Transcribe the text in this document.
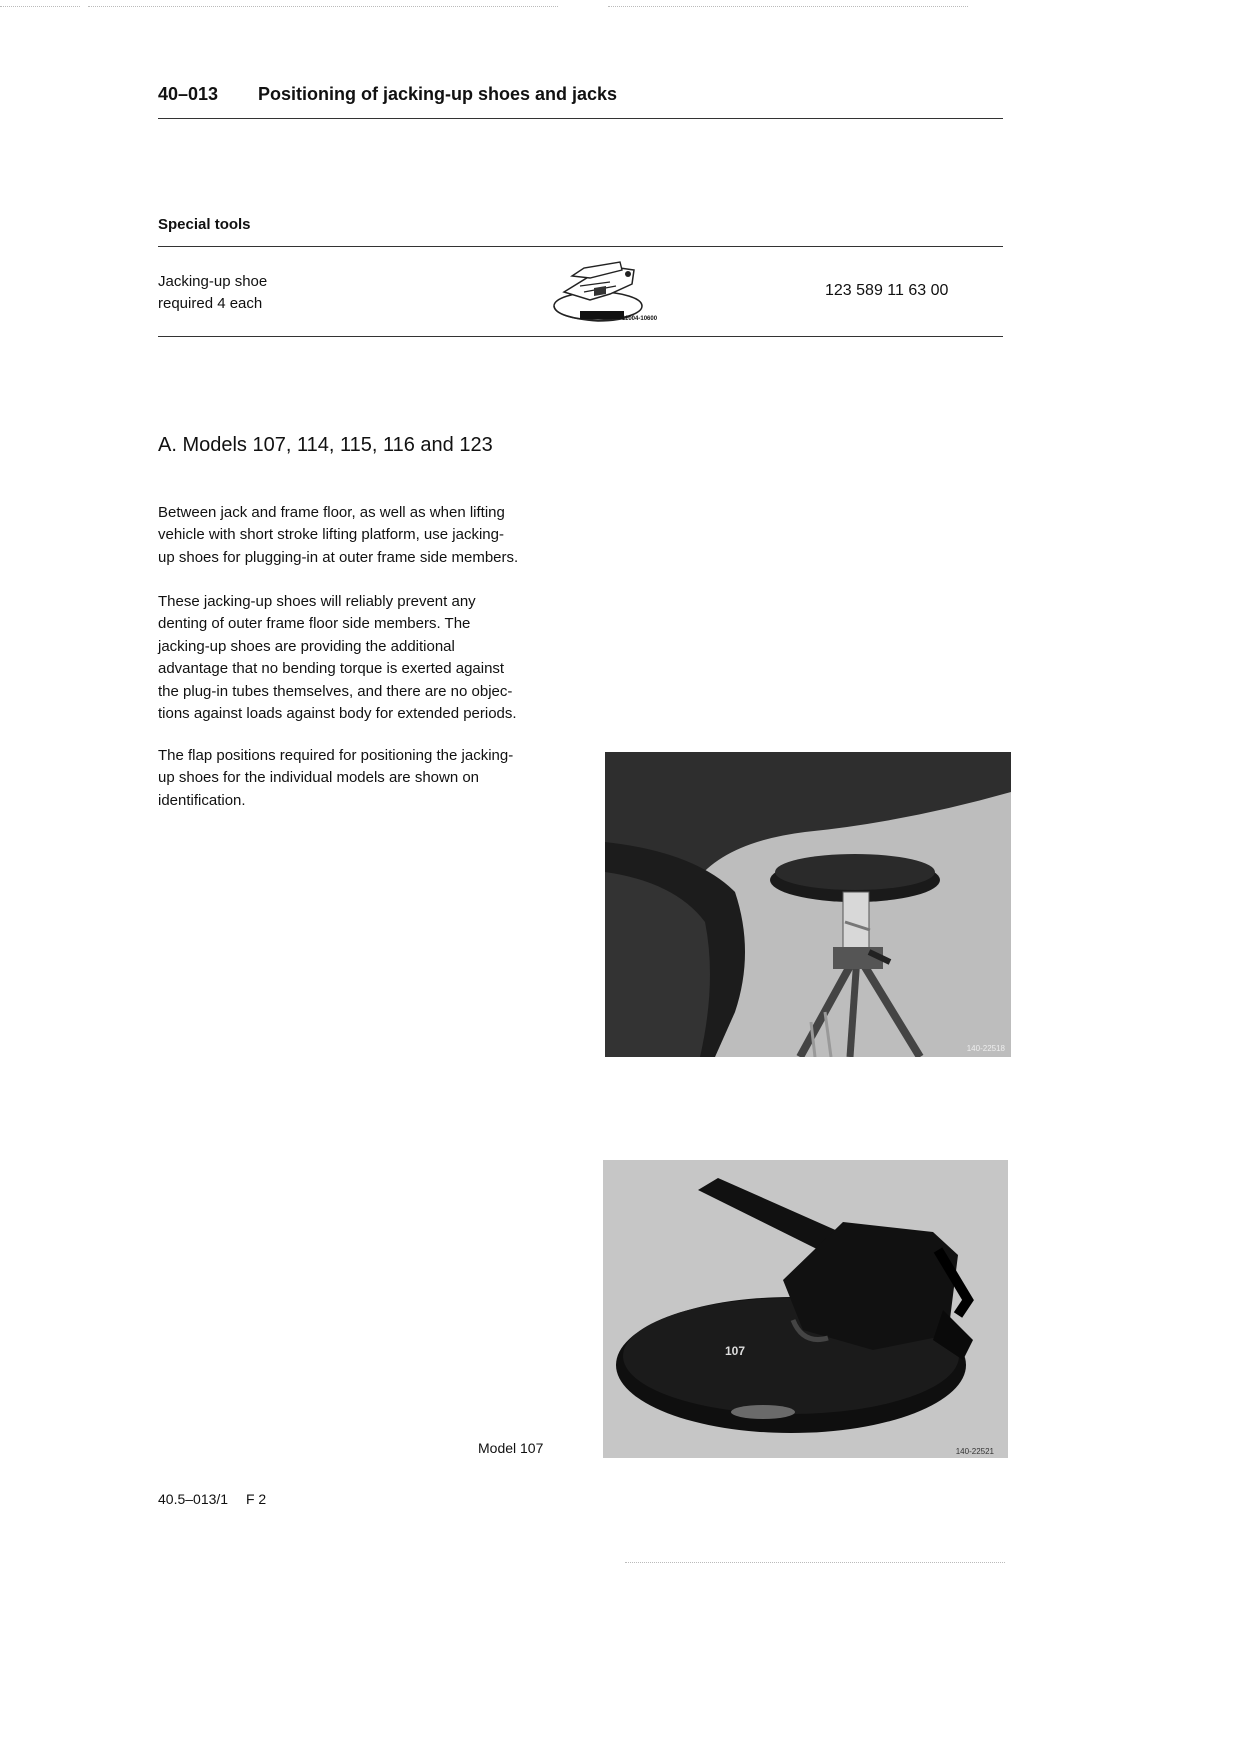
40–013 Positioning of jacking-up shoes and jacks
Special tools
Jacking-up shoe
required 4 each
11004-10600
123 589 11 63 00
A. Models 107, 114, 115, 116 and 123
Between jack and frame floor, as well as when lifting
vehicle with short stroke lifting platform, use jacking-
up shoes for plugging-in at outer frame side members.
These jacking-up shoes will reliably prevent any
denting of outer frame floor side members. The
jacking-up shoes are providing the additional
advantage that no bending torque is exerted against
the plug-in tubes themselves, and there are no objec-
tions against loads against body for extended periods.
The flap positions required for positioning the jacking-
up shoes for the individual models are shown on
identification.
140-22518
107
140-22521
Model 107
40.5–013/1 F 2
